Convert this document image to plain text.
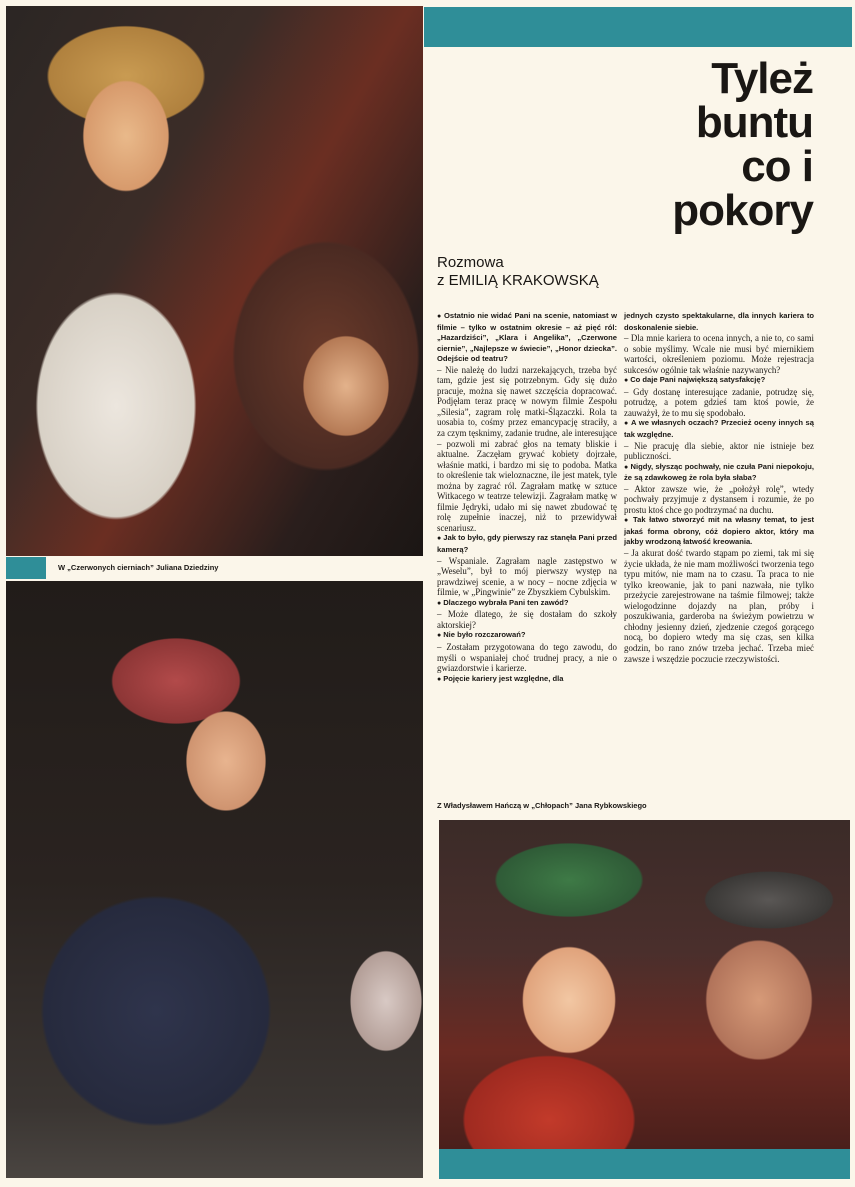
W „Czerwonych cierniach” Juliana Dziedziny
Tyleż
buntu
co i
pokory
Rozmowa
z EMILIĄ KRAKOWSKĄ

● Ostatnio nie widać Pani na scenie, natomiast w filmie – tylko w ostatnim okresie – aż pięć ról: „Hazardziści”, „Klara i Angelika”, „Czerwone ciernie”, „Najlepsze w świecie”, „Honor dziecka”. Odejście od teatru?

– Nie należę do ludzi narzekających, trzeba być tam, gdzie jest się potrzebnym. Gdy się dużo pracuje, można się nawet szczęścia dopracować. Podjęłam teraz pracę w nowym filmie Zespołu „Silesia”, zagram rolę matki-Ślązaczki. Rola ta uosabia to, cośmy przez emancypację straciły, a za czym tęsknimy, zadanie trudne, ale interesujące – pozwoli mi zabrać głos na tematy bliskie i aktualne. Zaczęłam grywać kobiety dojrzałe, właśnie matki, i bardzo mi się to podoba. Matka to określenie tak wieloznaczne, ile jest matek, tyle można by zagrać ról. Zagrałam matkę w sztuce Witkacego w teatrze telewizji. Zagrałam matkę w filmie Jędryki, udało mi się nawet zbudować tę rolę zupełnie inaczej, niż to przewidywał scenariusz.

● Jak to było, gdy pierwszy raz stanęła Pani przed kamerą?

– Wspaniale. Zagrałam nagle zastępstwo w „Weselu”, był to mój pierwszy występ na prawdziwej scenie, a w nocy – nocne zdjęcia w filmie, w „Pingwinie” ze Zbyszkiem Cybulskim.

● Dlaczego wybrała Pani ten zawód?

– Może dlatego, że się dostałam do szkoły aktorskiej?

● Nie było rozczarowań?

– Zostałam przygotowana do tego zawodu, do myśli o wspaniałej choć trudnej pracy, a nie o gwiazdorstwie i karierze.

● Pojęcie kariery jest względne, dla

jednych czysto spektakularne, dla innych kariera to doskonalenie siebie.

– Dla mnie kariera to ocena innych, a nie to, co sami o sobie myślimy. Wcale nie musi być miernikiem wartości, określeniem poziomu. Może rejestracja sukcesów ogólnie tak właśnie nazywanych?

● Co daje Pani największą satysfakcję?

– Gdy dostanę interesujące zadanie, potrudzę się, potrudzę, a potem gdzieś tam ktoś powie, że zauważył, że to mu się spodobało.

● A we własnych oczach? Przecież oceny innych są tak względne.

– Nie pracuję dla siebie, aktor nie istnieje bez publiczności.

● Nigdy, słysząc pochwały, nie czuła Pani niepokoju, że są zdawkoweg że rola była słaba?

– Aktor zawsze wie, że „położył rolę”, wtedy pochwały przyjmuje z dystansem i rozumie, że po prostu ktoś chce go podtrzymać na duchu.

● Tak łatwo stworzyć mit na własny temat, to jest jakaś forma obrony, cóż dopiero aktor, który ma jakby wrodzoną łatwość kreowania.

– Ja akurat dość twardo stąpam po ziemi, tak mi się życie układa, że nie mam możliwości tworzenia tego typu mitów, nie mam na to czasu. Ta praca to nie tylko kreowanie, jak to pani nazwała, nie tylko przeżycie zarejestrowane na taśmie filmowej; także wielogodzinne dojazdy na plan, próby i poszukiwania, garderoba na świeżym powietrzu w chłodny jesienny dzień, zjedzenie czegoś gorącego nocą, bo dopiero wtedy ma się czas, sen kilka godzin, bo rano znów trzeba jechać. Trzeba mieć zawsze i wszędzie poczucie rzeczywistości.

Z Władysławem Hańczą w „Chłopach” Jana Rybkowskiego
